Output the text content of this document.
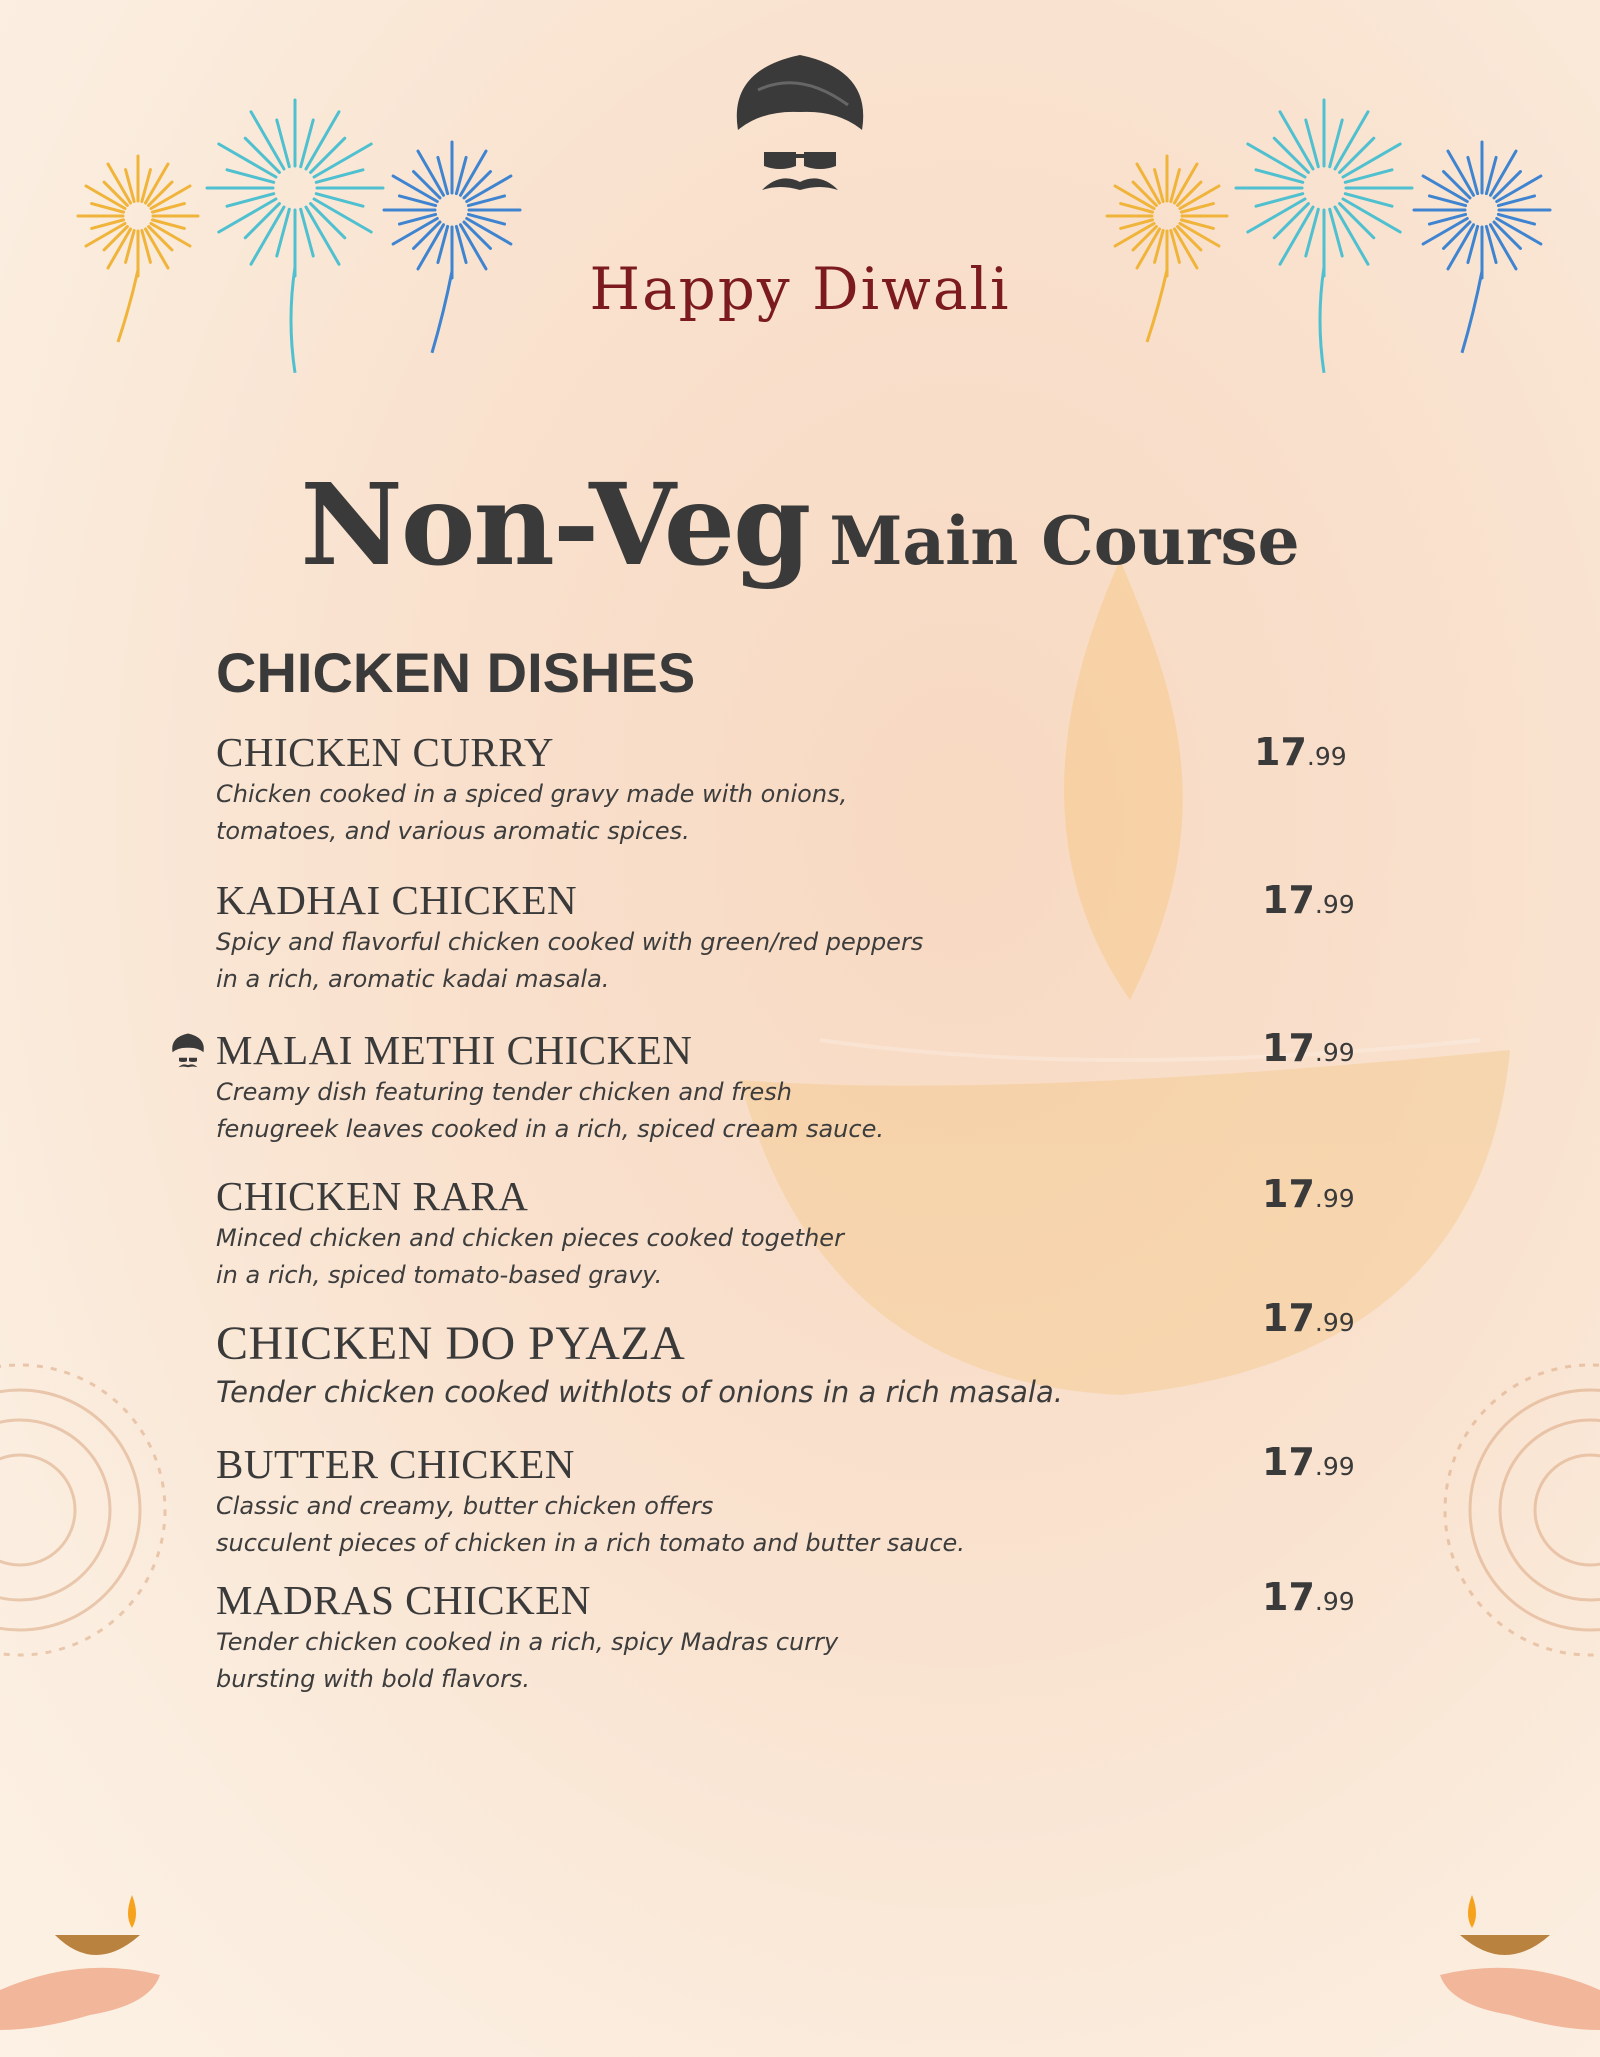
Happy Diwali
Non-Veg Main Course
CHICKEN DISHES
CHICKEN CURRY
Chicken cooked in a spiced gravy made with onions,
tomatoes, and various aromatic spices.
17.99
KADHAI CHICKEN
Spicy and flavorful chicken cooked with green/red peppers
in a rich, aromatic kadai masala.
17.99
MALAI METHI CHICKEN
Creamy dish featuring tender chicken and fresh
fenugreek leaves cooked in a rich, spiced cream sauce.
17.99
CHICKEN RARA
Minced chicken and chicken pieces cooked together
in a rich, spiced tomato-based gravy.
17.99
CHICKEN DO PYAZA
Tender chicken cooked withlots of onions in a rich masala.
17.99
BUTTER CHICKEN
Classic and creamy, butter chicken offers
succulent pieces of chicken in a rich tomato and butter sauce.
17.99
MADRAS CHICKEN
Tender chicken cooked in a rich, spicy Madras curry
bursting with bold flavors.
17.99
